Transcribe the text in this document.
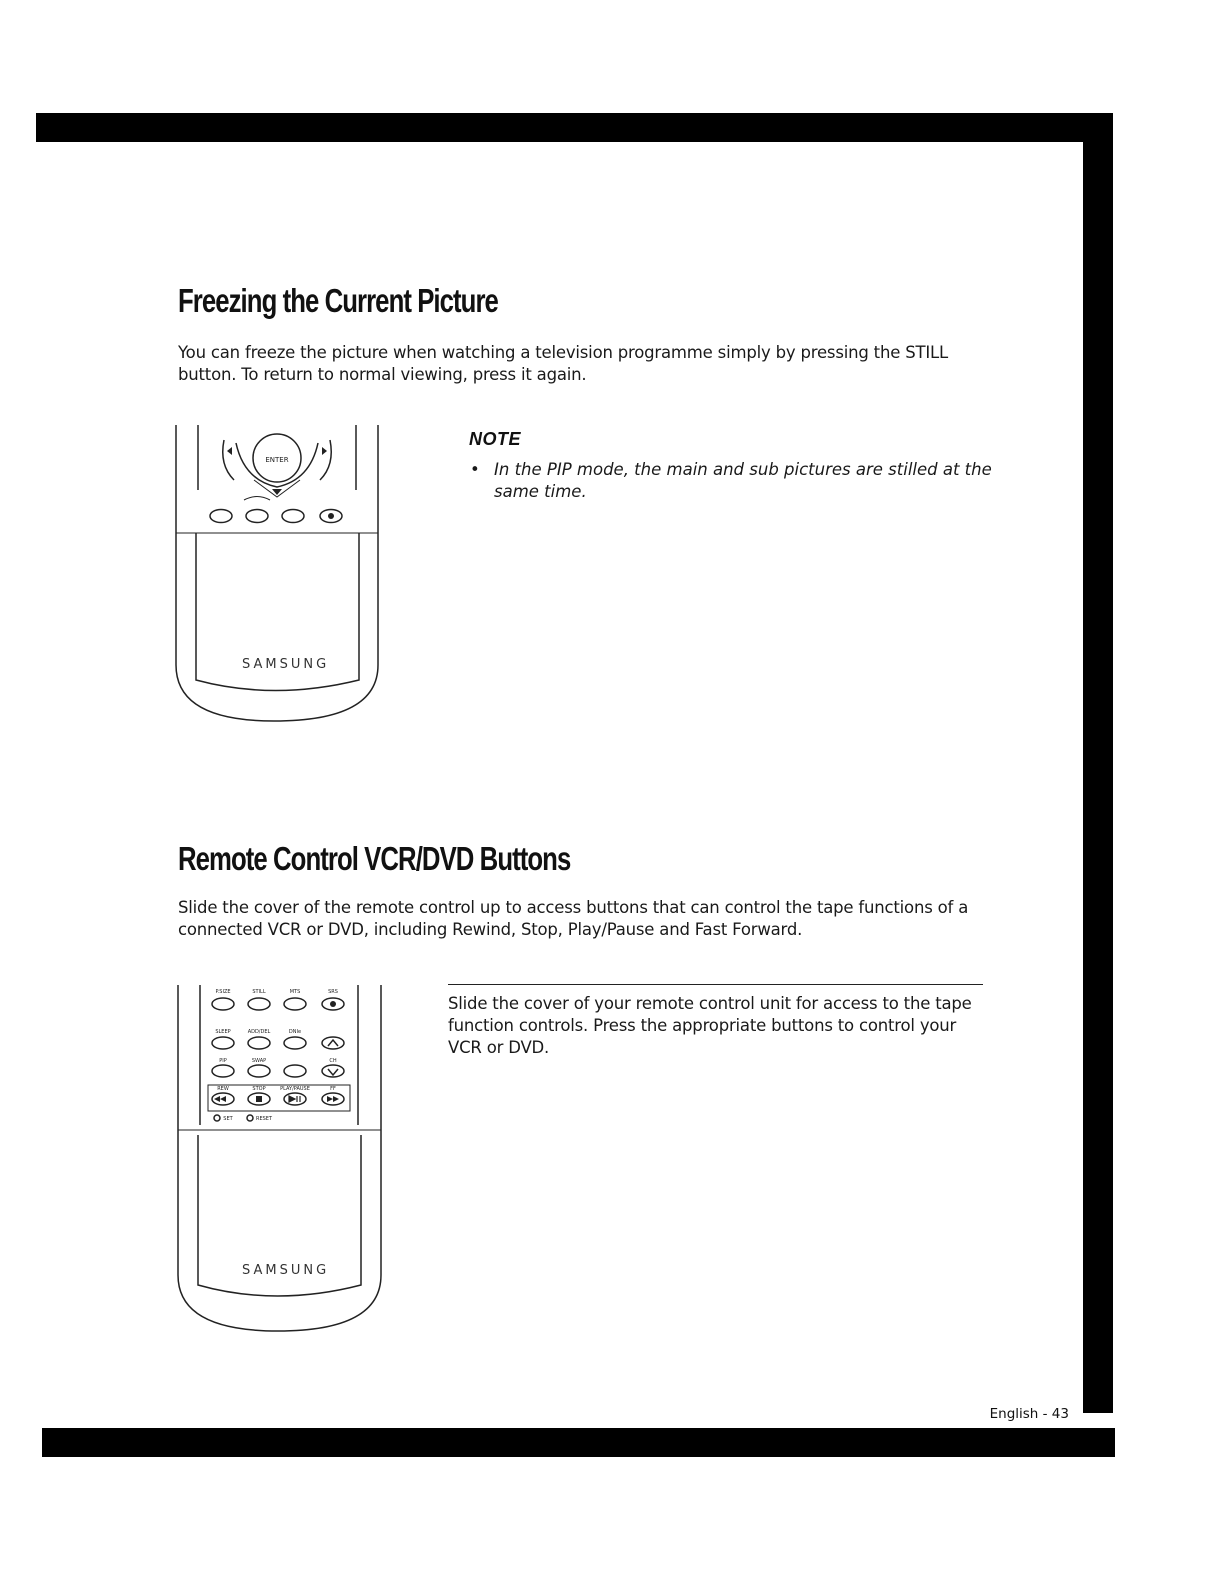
Freezing the Current Picture

You can freeze the picture when watching a television programme simply by pressing the STILL button. To return to normal viewing, press it again.

ENTER
SAMSUNG
NOTE

• In the PIP mode, the main and sub pictures are stilled at the same time.

Remote Control VCR/DVD Buttons

Slide the cover of the remote control up to access buttons that can control the tape functions of a connected VCR or DVD, including Rewind, Stop, Play/Pause and Fast Forward.

Slide the cover of your remote control unit for access to the tape function controls. Press the appropriate buttons to control your VCR or DVD.

P.SIZE	STILL	MTS	SRS
SLEEP	ADD/DEL	DNIe
PIP	SWAP	CH
REW	STOP	PLAY/PAUSE	FF
SET	RESET
SAMSUNG
English - 43
